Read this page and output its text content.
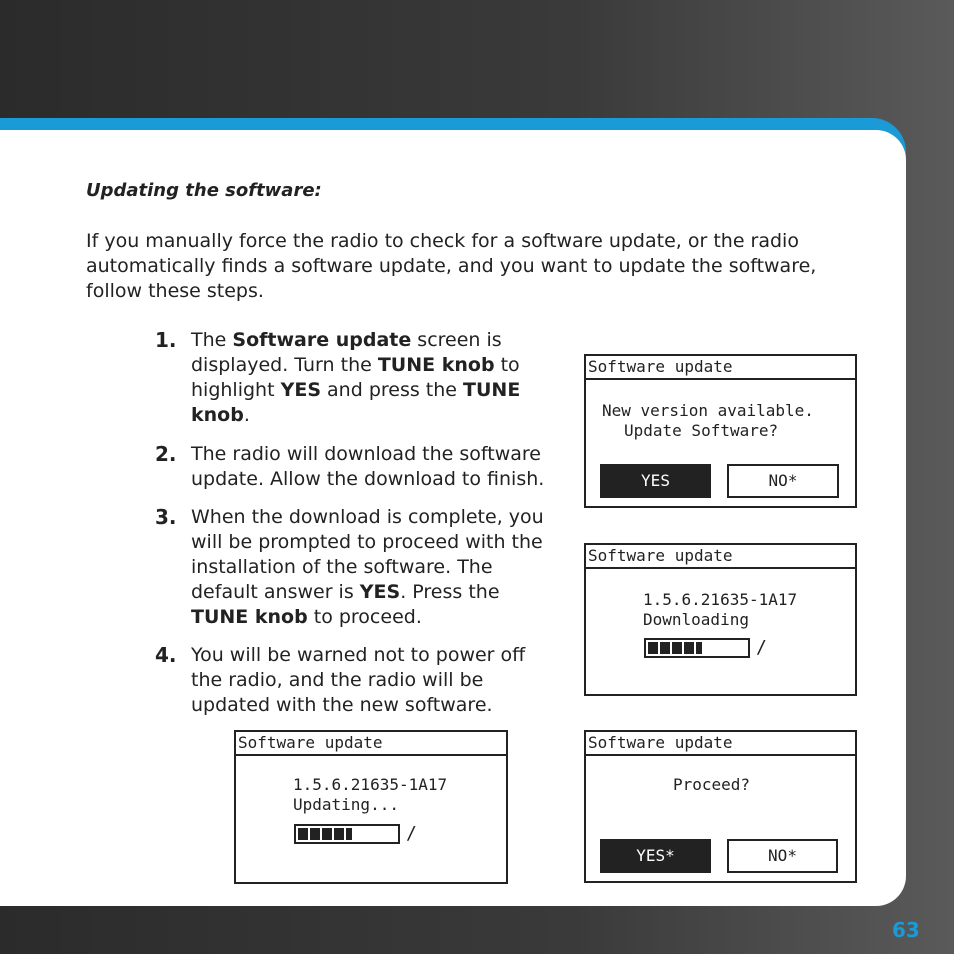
Updating the software:
If you manually force the radio to check for a software update, or the radio automatically finds a software update, and you want to update the software, follow these steps.
1. The Software update screen is displayed. Turn the TUNE knob to highlight YES and press the TUNE knob.
2. The radio will download the software update. Allow the download to finish.
3. When the download is complete, you will be prompted to proceed with the installation of the software. The default answer is YES. Press the TUNE knob to proceed.
4. You will be warned not to power off the radio, and the radio will be updated with the new software.
Software update
New version available.
Update Software?
YES	NO*
Software update
1.5.6.21635-1A17
Downloading
/
Software update
Proceed?
YES*	NO*
Software update
1.5.6.21635-1A17
Updating...
/
63
